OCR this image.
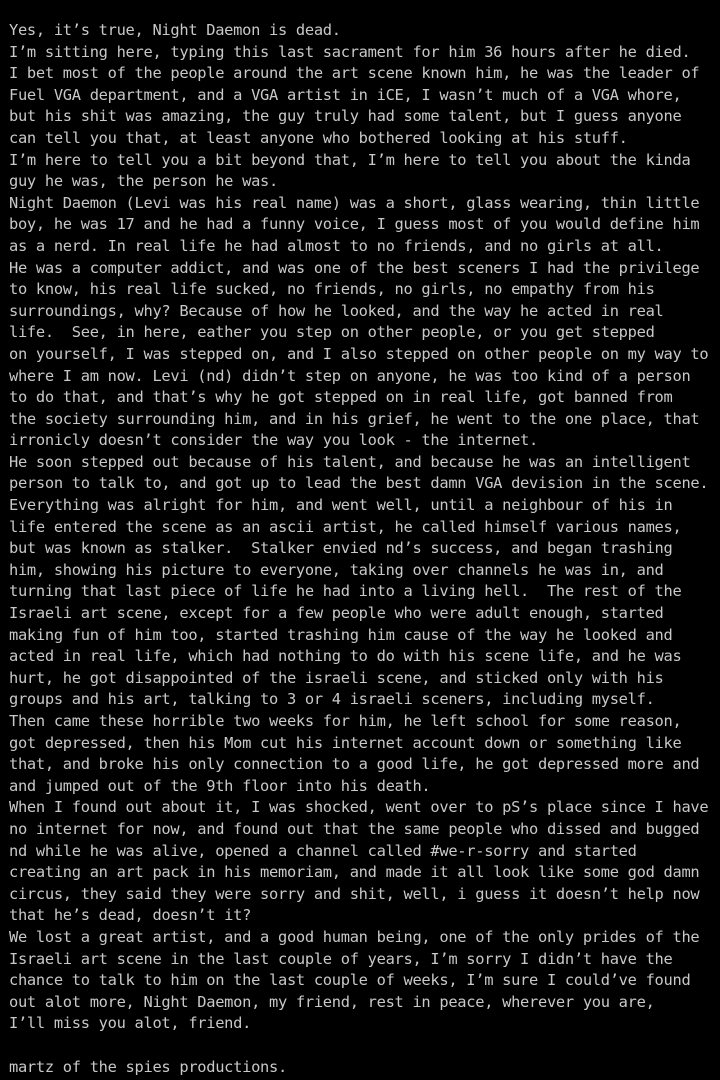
Yes, it’s true, Night Daemon is dead.
I’m sitting here, typing this last sacrament for him 36 hours after he died.
I bet most of the people around the art scene known him, he was the leader of
Fuel VGA department, and a VGA artist in iCE, I wasn’t much of a VGA whore,
but his shit was amazing, the guy truly had some talent, but I guess anyone
can tell you that, at least anyone who bothered looking at his stuff.
I’m here to tell you a bit beyond that, I’m here to tell you about the kinda
guy he was, the person he was.
Night Daemon (Levi was his real name) was a short, glass wearing, thin little
boy, he was 17 and he had a funny voice, I guess most of you would define him
as a nerd. In real life he had almost to no friends, and no girls at all.
He was a computer addict, and was one of the best sceners I had the privilege
to know, his real life sucked, no friends, no girls, no empathy from his
surroundings, why? Because of how he looked, and the way he acted in real
life.  See, in here, eather you step on other people, or you get stepped
on yourself, I was stepped on, and I also stepped on other people on my way to
where I am now. Levi (nd) didn’t step on anyone, he was too kind of a person
to do that, and that’s why he got stepped on in real life, got banned from
the society surrounding him, and in his grief, he went to the one place, that
irronicly doesn’t consider the way you look - the internet.
He soon stepped out because of his talent, and because he was an intelligent
person to talk to, and got up to lead the best damn VGA devision in the scene.
Everything was alright for him, and went well, until a neighbour of his in
life entered the scene as an ascii artist, he called himself various names,
but was known as stalker.  Stalker envied nd’s success, and began trashing
him, showing his picture to everyone, taking over channels he was in, and
turning that last piece of life he had into a living hell.  The rest of the
Israeli art scene, except for a few people who were adult enough, started
making fun of him too, started trashing him cause of the way he looked and
acted in real life, which had nothing to do with his scene life, and he was
hurt, he got disappointed of the israeli scene, and sticked only with his
groups and his art, talking to 3 or 4 israeli sceners, including myself.
Then came these horrible two weeks for him, he left school for some reason,
got depressed, then his Mom cut his internet account down or something like
that, and broke his only connection to a good life, he got depressed more and
and jumped out of the 9th floor into his death.
When I found out about it, I was shocked, went over to pS’s place since I have
no internet for now, and found out that the same people who dissed and bugged
nd while he was alive, opened a channel called #we-r-sorry and started
creating an art pack in his memoriam, and made it all look like some god damn
circus, they said they were sorry and shit, well, i guess it doesn’t help now
that he’s dead, doesn’t it?
We lost a great artist, and a good human being, one of the only prides of the
Israeli art scene in the last couple of years, I’m sorry I didn’t have the
chance to talk to him on the last couple of weeks, I’m sure I could’ve found
out alot more, Night Daemon, my friend, rest in peace, wherever you are,
I’ll miss you alot, friend.
martz of the spies productions.
